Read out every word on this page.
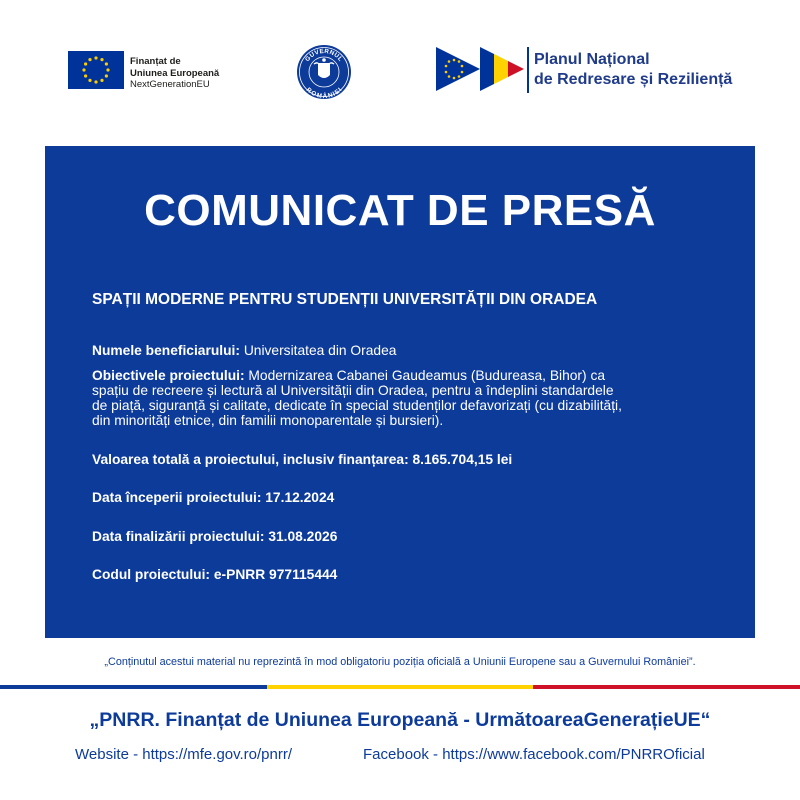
Finanțat de
Uniunea Europeană
NextGenerationEU
GUVERNUL
ROMÂNIEI
Planul Național
de Redresare și Reziliență
COMUNICAT DE PRESĂ
SPAȚII MODERNE PENTRU STUDENȚII UNIVERSITĂȚII DIN ORADEA
Numele beneficiarului: Universitatea din Oradea
Obiectivele proiectului: Modernizarea Cabanei Gaudeamus (Budureasa, Bihor) ca
spațiu de recreere și lectură al Universității din Oradea, pentru a îndeplini standardele
de piață, siguranță și calitate, dedicate în special studenților defavorizați (cu dizabilități,
din minorități etnice, din familii monoparentale și bursieri).
Valoarea totală a proiectului, inclusiv finanțarea: 8.165.704,15 lei
Data începerii proiectului: 17.12.2024
Data finalizării proiectului: 31.08.2026
Codul proiectului: e-PNRR 977115444
„Conținutul acestui material nu reprezintă în mod obligatoriu poziția oficială a Uniunii Europene sau a Guvernului României”.
„PNRR. Finanțat de Uniunea Europeană - UrmătoareaGenerațieUE“
Website - https://mfe.gov.ro/pnrr/	Facebook - https://www.facebook.com/PNRROficial
